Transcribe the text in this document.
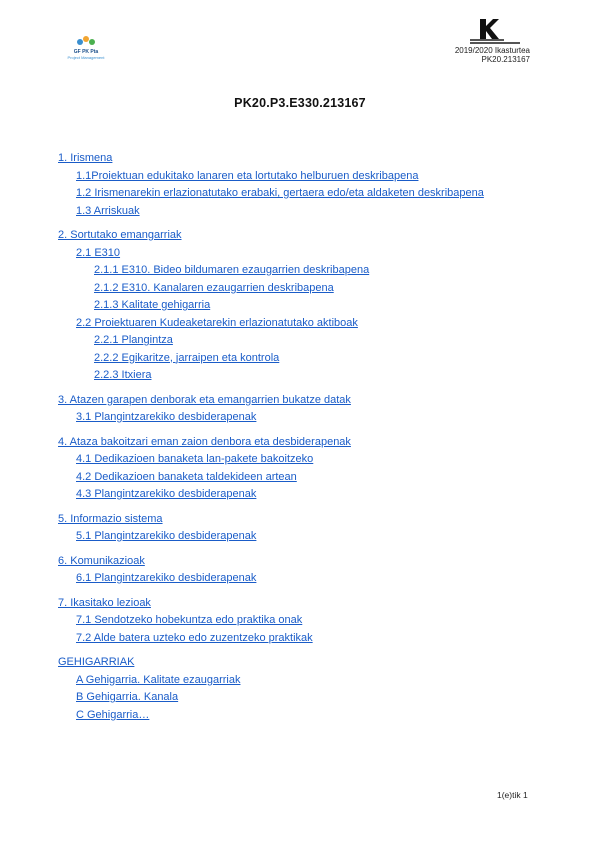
GF PK Pta
Project Management
2019/2020 Ikasturtea
PK20.213167
PK20.P3.E330.213167
1. Irismena
1.1Proiektuan edukitako lanaren eta lortutako helburuen deskribapena
1.2 Irismenarekin erlazionatutako erabaki, gertaera edo/eta aldaketen deskribapena
1.3 Arriskuak
2. Sortutako emangarriak
2.1 E310
2.1.1 E310. Bideo bildumaren ezaugarrien deskribapena
2.1.2 E310. Kanalaren ezaugarrien deskribapena
2.1.3 Kalitate gehigarria
2.2 Proiektuaren Kudeaketarekin erlazionatutako aktiboak
2.2.1 Plangintza
2.2.2 Egikaritze, jarraipen eta kontrola
2.2.3 Itxiera
3. Atazen garapen denborak eta emangarrien bukatze datak
3.1 Plangintzarekiko desbiderapenak
4. Ataza bakoitzari eman zaion denbora eta desbiderapenak
4.1 Dedikazioen banaketa lan-pakete bakoitzeko
4.2 Dedikazioen banaketa taldekideen artean
4.3 Plangintzarekiko desbiderapenak
5. Informazio sistema
5.1 Plangintzarekiko desbiderapenak
6. Komunikazioak
6.1 Plangintzarekiko desbiderapenak
7. Ikasitako lezioak
7.1 Sendotzeko hobekuntza edo praktika onak
7.2 Alde batera uzteko edo zuzentzeko praktikak
GEHIGARRIAK
A Gehigarria. Kalitate ezaugarriak
B Gehigarria. Kanala
C Gehigarria…
1(e)tik 1
